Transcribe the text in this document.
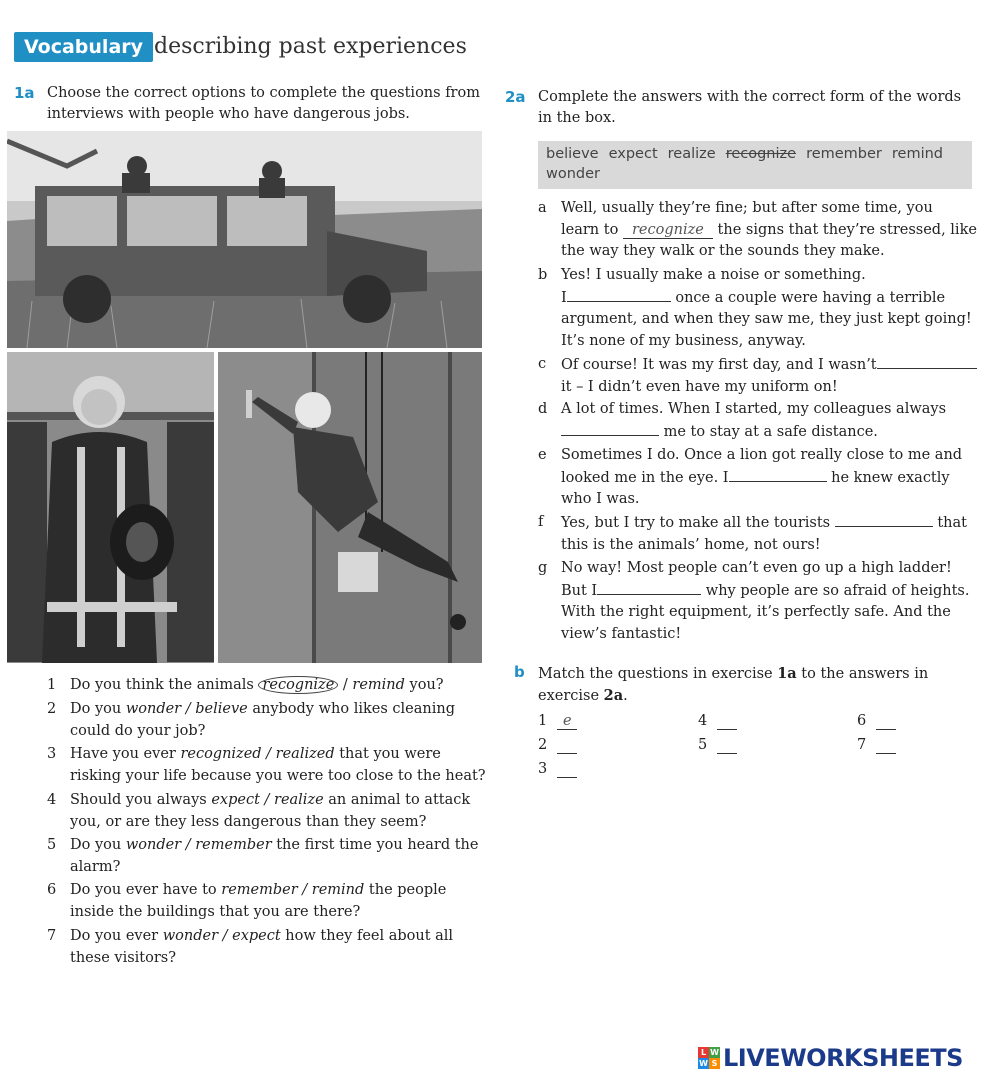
Vocabulary describing past experiences
1a Choose the correct options to complete the questions from interviews with people who have dangerous jobs.
1 Do you think the animals recognize / remind you?
2 Do you wonder / believe anybody who likes cleaning could do your job?
3 Have you ever recognized / realized that you were risking your life because you were too close to the heat?
4 Should you always expect / realize an animal to attack you, or are they less dangerous than they seem?
5 Do you wonder / remember the first time you heard the alarm?
6 Do you ever have to remember / remind the people inside the buildings that you are there?
7 Do you ever wonder / expect how they feel about all these visitors?
2a Complete the answers with the correct form of the words in the box.
believe expect realize recognize remember remind
wonder
a Well, usually they’re fine; but after some time, you
learn to recognize the signs that they’re stressed, like
the way they walk or the sounds they make.
b Yes! I usually make a noise or something.
I	once a couple were having a terrible
argument, and when they saw me, they just kept going!
It’s none of my business, anyway.
c Of course! It was my first day, and I wasn’t
it – I didn’t even have my uniform on!
d A lot of times. When I started, my colleagues always
me to stay at a safe distance.
e Sometimes I do. Once a lion got really close to me and
looked me in the eye. I	he knew exactly
who I was.
f Yes, but I try to make all the tourists	that
this is the animals’ home, not ours!
g No way! Most people can’t even go up a high ladder!
But I	why people are so afraid of heights.
With the right equipment, it’s perfectly safe. And the
view’s fantastic!
b Match the questions in exercise 1a to the answers in exercise 2a.
1 e
2
3
4
5
6
7
L W
W S LIVEWORKSHEETS
